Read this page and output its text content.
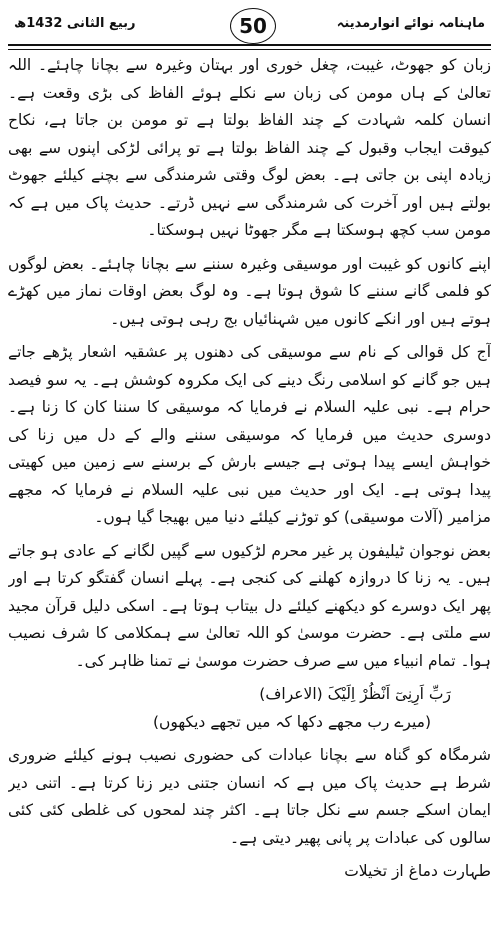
ماہنامہ نوائے انوارمدینہ
50
ربیع الثانی 1432ھ

زبان کو جھوٹ، غیبت، چغل خوری اور بہتان وغیرہ سے بچانا چاہئے۔ اللہ تعالیٰ کے ہاں مومن کی زبان سے نکلے ہوئے الفاظ کی بڑی وقعت ہے۔ انسان کلمہ شہادت کے چند الفاظ بولتا ہے تو مومن بن جاتا ہے، نکاح کیوقت ایجاب وقبول کے چند الفاظ بولتا ہے تو پرائی لڑکی اپنوں سے بھی زیادہ اپنی بن جاتی ہے۔ بعض لوگ وقتی شرمندگی سے بچنے کیلئے جھوٹ بولتے ہیں اور آخرت کی شرمندگی سے نہیں ڈرتے۔ حدیث پاک میں ہے کہ مومن سب کچھ ہوسکتا ہے مگر جھوٹا نہیں ہوسکتا۔

اپنے کانوں کو غیبت اور موسیقی وغیرہ سننے سے بچانا چاہئے۔ بعض لوگوں کو فلمی گانے سننے کا شوق ہوتا ہے۔ وہ لوگ بعض اوقات نماز میں کھڑے ہوتے ہیں اور انکے کانوں میں شہنائیاں بج رہی ہوتی ہیں۔

آج کل قوالی کے نام سے موسیقی کی دھنوں پر عشقیہ اشعار پڑھے جاتے ہیں جو گانے کو اسلامی رنگ دینے کی ایک مکروہ کوشش ہے۔ یہ سو فیصد حرام ہے۔ نبی علیہ السلام نے فرمایا کہ موسیقی کا سننا کان کا زنا ہے۔ دوسری حدیث میں فرمایا کہ موسیقی سننے والے کے دل میں زنا کی خواہش ایسے پیدا ہوتی ہے جیسے بارش کے برسنے سے زمین میں کھیتی پیدا ہوتی ہے۔ ایک اور حدیث میں نبی علیہ السلام نے فرمایا کہ مجھے مزامیر (آلات موسیقی) کو توڑنے کیلئے دنیا میں بھیجا گیا ہوں۔

بعض نوجوان ٹیلیفون پر غیر محرم لڑکیوں سے گپیں لگانے کے عادی ہو جاتے ہیں۔ یہ زنا کا دروازہ کھلنے کی کنجی ہے۔ پہلے انسان گفتگو کرتا ہے اور پھر ایک دوسرے کو دیکھنے کیلئے دل بیتاب ہوتا ہے۔ اسکی دلیل قرآن مجید سے ملتی ہے۔ حضرت موسیٰ کو اللہ تعالیٰ سے ہمکلامی کا شرف نصیب ہوا۔ تمام انبیاء میں سے صرف حضرت موسیٰ نے تمنا ظاہر کی۔

رَبِّ اَرِنِیٓ اَنْظُرْ اِلَیْکَ (الاعراف)

(میرے رب مجھے دکھا کہ میں تجھے دیکھوں)

شرمگاہ کو گناہ سے بچانا عبادات کی حضوری نصیب ہونے کیلئے ضروری شرط ہے حدیث پاک میں ہے کہ انسان جتنی دیر زنا کرتا ہے۔ اتنی دیر ایمان اسکے جسم سے نکل جاتا ہے۔ اکثر چند لمحوں کی غلطی کئی کئی سالوں کی عبادات پر پانی پھیر دیتی ہے۔

طہارت دماغ از تخیلات
